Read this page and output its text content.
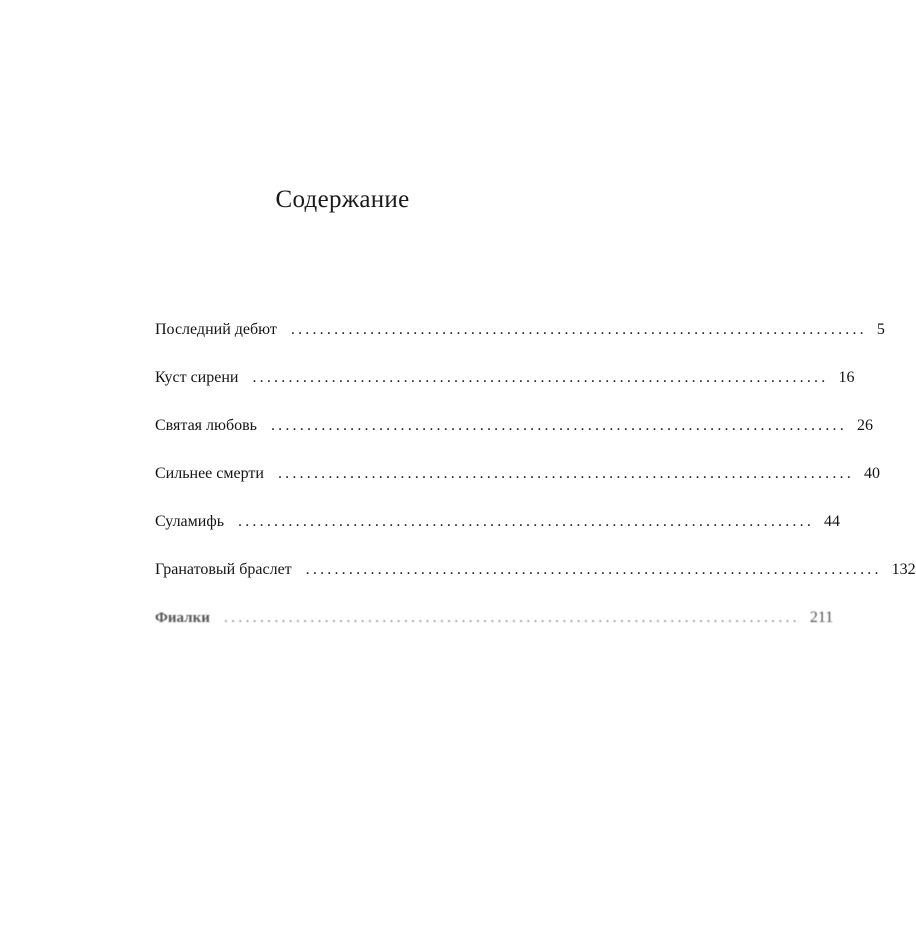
Содержание
Последний дебют ................................................................................ 5
Куст сирени ................................................................................ 16
Святая любовь ................................................................................ 26
Сильнее смерти ................................................................................ 40
Суламифь ................................................................................ 44
Гранатовый браслет ................................................................................ 132
Фиалки ................................................................................ 211
